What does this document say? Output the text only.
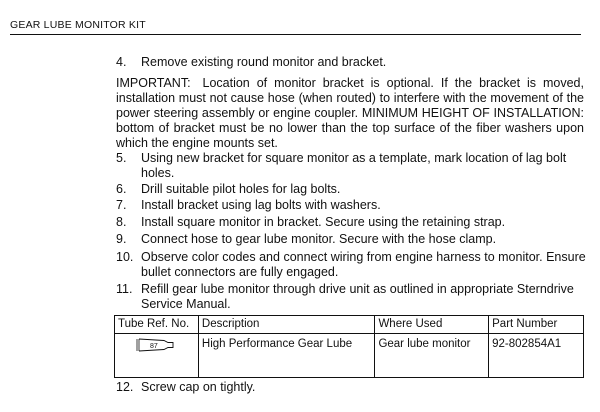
GEAR LUBE MONITOR KIT
4. Remove existing round monitor and bracket.
IMPORTANT: Location of monitor bracket is optional. If the bracket is moved, installation must not cause hose (when routed) to interfere with the movement of the power steering assembly or engine coupler. MINIMUM HEIGHT OF INSTALLATION: bottom of bracket must be no lower than the top surface of the fiber washers upon which the engine mounts set.
5. Using new bracket for square monitor as a template, mark location of lag bolt holes.
6. Drill suitable pilot holes for lag bolts.
7. Install bracket using lag bolts with washers.
8. Install square monitor in bracket. Secure using the retaining strap.
9. Connect hose to gear lube monitor. Secure with the hose clamp.
10. Observe color codes and connect wiring from engine harness to monitor. Ensure bullet connectors are fully engaged.
11. Refill gear lube monitor through drive unit as outlined in appropriate Sterndrive Service Manual.
Tube Ref. No.	Description	Where Used	Part Number

87	High Performance Gear Lube	Gear lube monitor	92-802854A1
12. Screw cap on tightly.
